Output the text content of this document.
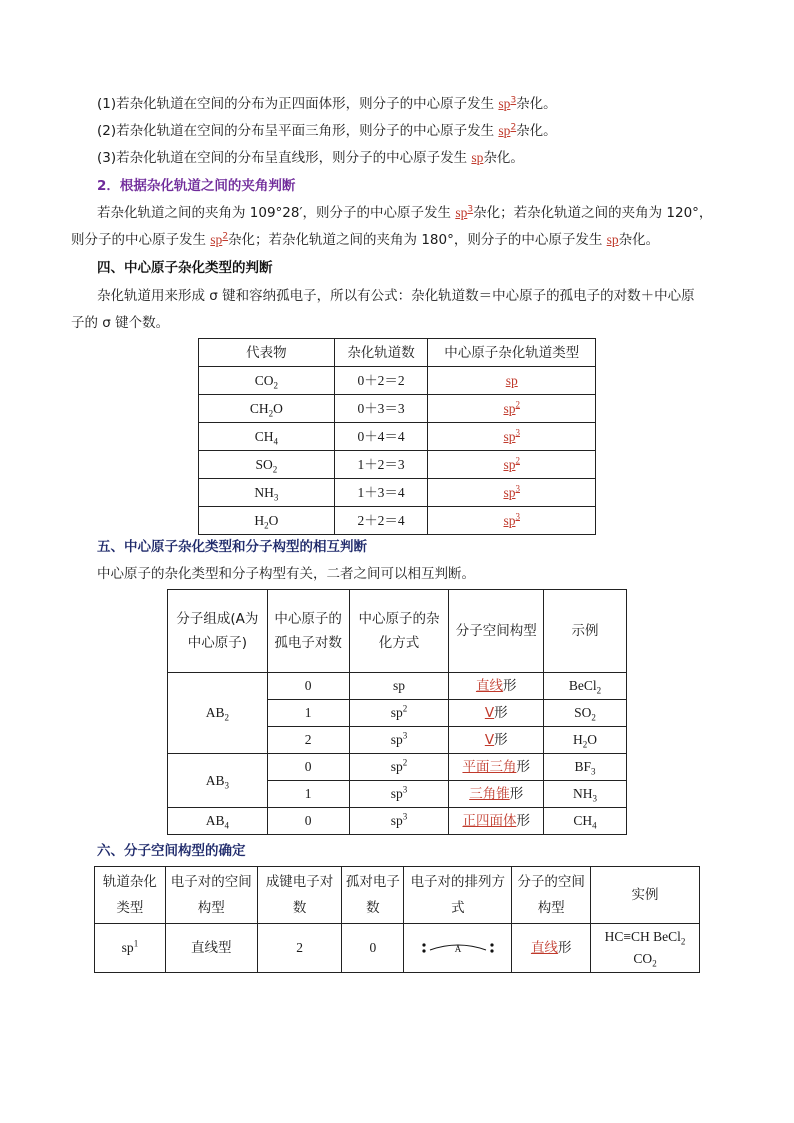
(1)若杂化轨道在空间的分布为正四面体形，则分子的中心原子发生 $sp^3$杂化。
(2)若杂化轨道在空间的分布呈平面三角形，则分子的中心原子发生 $sp^2$杂化。
(3)若杂化轨道在空间的分布呈直线形，则分子的中心原子发生 sp杂化。
2．根据杂化轨道之间的夹角判断
若杂化轨道之间的夹角为 109°28′，则分子的中心原子发生 $sp^3$杂化；若杂化轨道之间的夹角为 120°，
则分子的中心原子发生 $sp^2$杂化；若杂化轨道之间的夹角为 180°，则分子的中心原子发生 sp杂化。
四、中心原子杂化类型的判断
杂化轨道用来形成 σ 键和容纳孤电子，所以有公式：杂化轨道数＝中心原子的孤电子的对数＋中心原
子的 σ 键个数。
代表物	杂化轨道数	中心原子杂化轨道类型
$CO_2$	0＋2＝2	sp
$CH_2O$	0＋3＝3	$sp^2$
$CH_4$	0＋4＝4	$sp^3$
$SO_2$	1＋2＝3	$sp^2$
$NH_3$	1＋3＝4	$sp^3$
$H_2O$	2＋2＝4	$sp^3$
五、中心原子杂化类型和分子构型的相互判断
中心原子的杂化类型和分子构型有关，二者之间可以相互判断。
分子组成(A为中心原子)	中心原子的孤电子对数	中心原子的杂化方式	分子空间构型	示例
$AB_2$	0	sp	直线形	BeCl$_2$
	1	$sp^2$	V形	$SO_2$
	2	$sp^3$	V形	$H_2O$
$AB_3$	0	$sp^2$	平面三角形	$BF_3$
	1	$sp^3$	三角锥形	$NH_3$
$AB_4$	0	$sp^3$	正四面体形	$CH_4$
六、分子空间构型的确定
轨道杂化类型	电子对的空间构型	成键电子对数	孤对电子数	电子对的排列方式	分子的空间构型	实例
$sp^1$	直线型	2	0	A	直线形	HC≡CH BeCl$_2$
$CO_2$
